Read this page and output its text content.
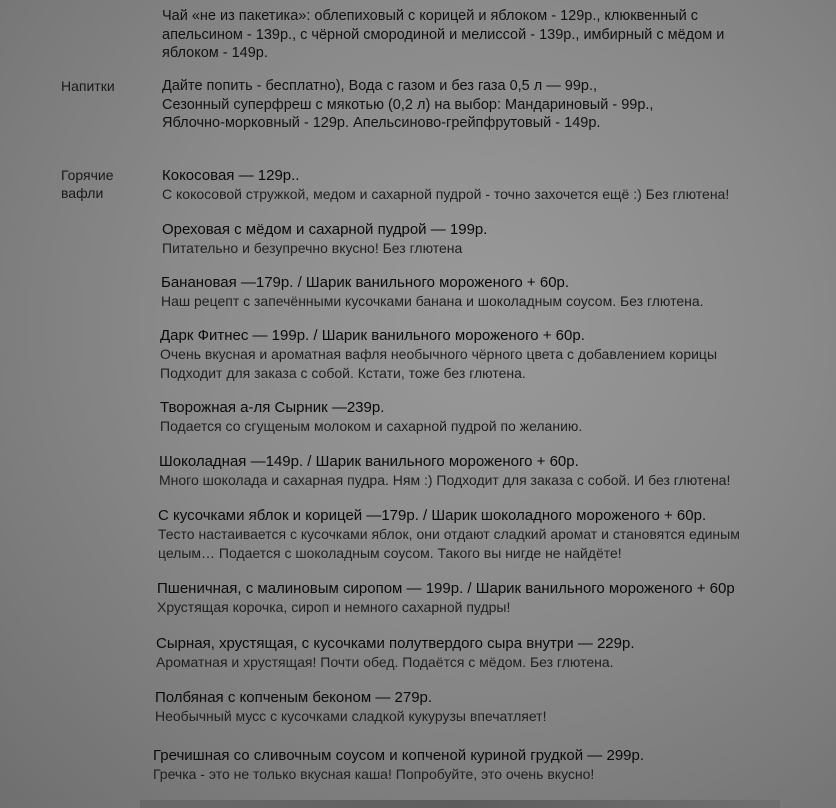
Чай «не из пакетика»: облепиховый с корицей и яблоком - 129р., клюквенный с
апельсином - 139р., с чёрной смородиной и мелиссой - 139р., имбирный с мёдом и
яблоком - 149р.
Напитки	Дайте попить - бесплатно), Вода с газом и без газа 0,5 л — 99р.,
Сезонный суперфреш с мякотью (0,2 л) на выбор: Мандариновый - 99р.,
Яблочно-морковный - 129р. Апельсиново-грейпфрутовый - 149р.
Горячие
вафли
Кокосовая — 129р..
С кокосовой стружкой, медом и сахарной пудрой - точно захочется ещё :) Без глютена!
Ореховая с мёдом и сахарной пудрой — 199р.
Питательно и безупречно вкусно! Без глютена
Банановая —179р. / Шарик ванильного мороженого + 60р.
Наш рецепт с запечёнными кусочками банана и шоколадным соусом. Без глютена.
Дарк Фитнес — 199р. / Шарик ванильного мороженого + 60р.
Очень вкусная и ароматная вафля необычного чёрного цвета с добавлением корицы
Подходит для заказа с собой. Кстати, тоже без глютена.
Творожная а-ля Сырник —239р.
Подается со сгущеным молоком и сахарной пудрой по желанию.
Шоколадная —149р. / Шарик ванильного мороженого + 60р.
Много шоколада и сахарная пудра. Ням :) Подходит для заказа с собой. И без глютена!
С кусочками яблок и корицей —179р. / Шарик шоколадного мороженого + 60р.
Тесто настаивается с кусочками яблок, они отдают сладкий аромат и становятся единым
целым… Подается с шоколадным соусом. Такого вы нигде не найдёте!
Пшеничная, с малиновым сиропом — 199р. / Шарик ванильного мороженого + 60р
Хрустящая корочка, сироп и немного сахарной пудры!
Сырная, хрустящая, с кусочками полутвердого сыра внутри — 229р.
Ароматная и хрустящая! Почти обед. Подаётся с мёдом. Без глютена.
Полбяная с копченым беконом — 279р.
Необычный мусс с кусочками сладкой кукурузы впечатляет!
Гречишная со сливочным соусом и копченой куриной грудкой — 299р.
Гречка - это не только вкусная каша! Попробуйте, это очень вкусно!
